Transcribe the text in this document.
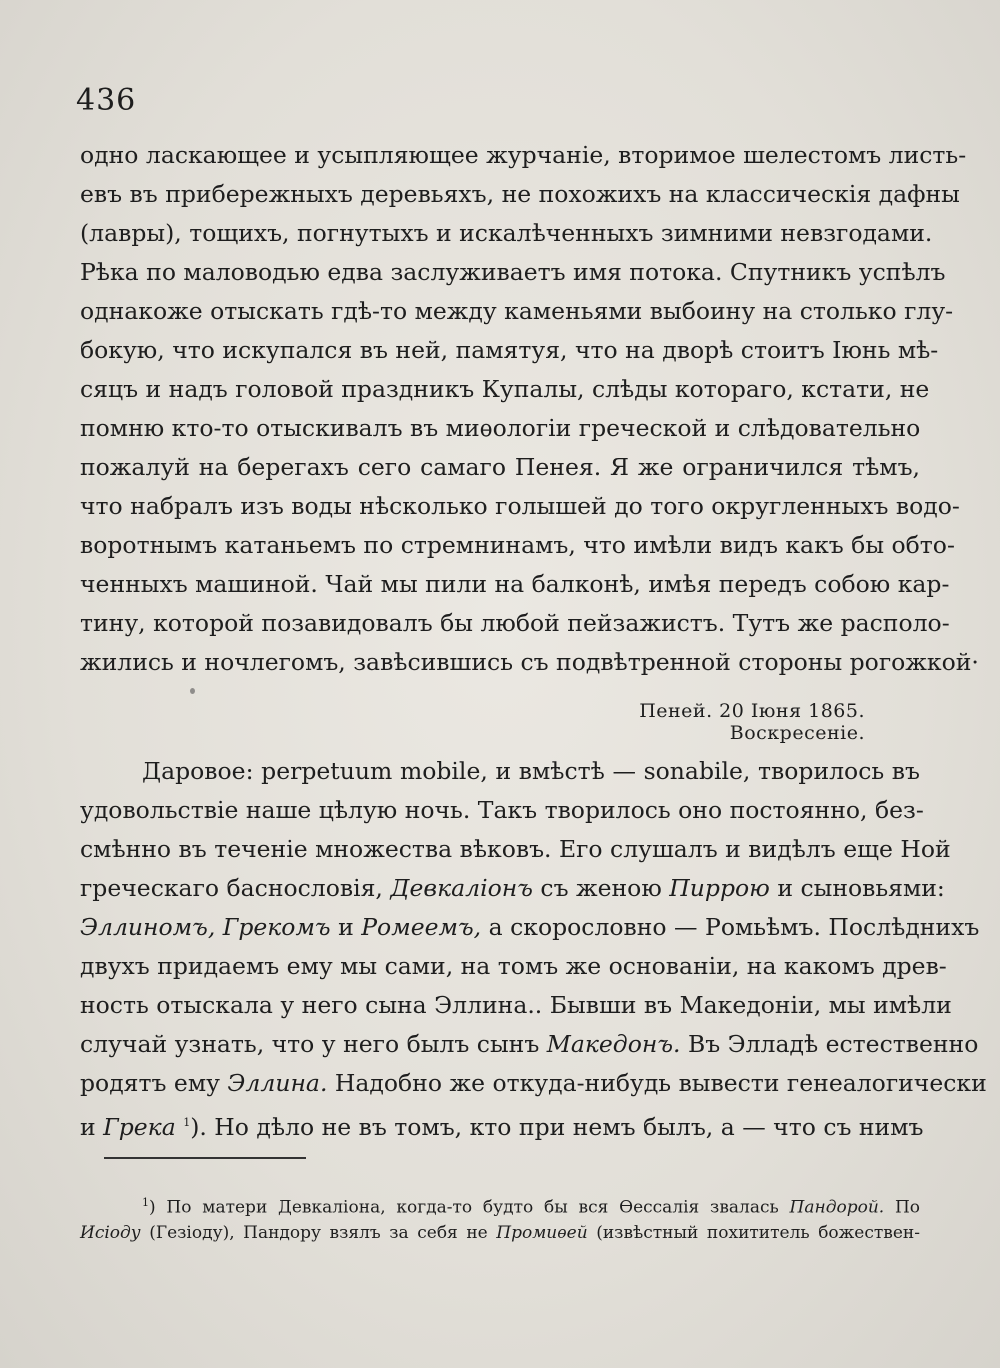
436
одно ласкающее и усыпляющее журчаніе, вторимое шелестомъ листь-
евъ въ прибережныхъ деревьяхъ, не похожихъ на классическія дафны
(лавры), тощихъ, погнутыхъ и искалѣченныхъ зимними невзгодами.
Рѣка по маловодью едва заслуживаетъ имя потока. Спутникъ успѣлъ
однакоже отыскать гдѣ-то между каменьями выбоину на столько глу-
бокую, что искупался въ ней, памятуя, что на дворѣ стоитъ Іюнь мѣ-
сяцъ и надъ головой праздникъ Купалы, слѣды котораго, кстати, не
помню кто-то отыскивалъ въ миѳологіи греческой и слѣдовательно
пожалуй на берегахъ сего самаго Пенея. Я же ограничился тѣмъ,
что набралъ изъ воды нѣсколько голышей до того округленныхъ водо-
воротнымъ катаньемъ по стремнинамъ, что имѣли видъ какъ бы обто-
ченныхъ машиной. Чай мы пили на балконѣ, имѣя передъ собою кар-
тину, которой позавидовалъ бы любой пейзажистъ. Тутъ же располо-
жились и ночлегомъ, завѣсившись съ подвѣтренной стороны рогожкой·
Пеней. 20 Іюня 1865. Воскресеніе.
Даровое: perpetuum mobile, и вмѣстѣ — sonabile, творилось въ
удовольствіе наше цѣлую ночь. Такъ творилось оно постоянно, без-
смѣнно въ теченіе множества вѣковъ. Его слушалъ и видѣлъ еще Ной
греческаго баснословія, Девкаліонъ съ женою Пиррою и сыновьями:
Эллиномъ, Грекомъ и Ромеемъ, а скорословно — Ромьѣмъ. Послѣднихъ
двухъ придаемъ ему мы сами, на томъ же основаніи, на какомъ древ-
ность отыскала у него сына Эллина.. Бывши въ Македоніи, мы имѣли
случай узнать, что у него былъ сынъ Македонъ. Въ Элладѣ естественно
родятъ ему Эллина. Надобно же откуда-нибудь вывести генеалогически
и Грека $^1$). Но дѣло не въ томъ, кто при немъ былъ, а — что съ нимъ
$^1$) По матери Девкаліона, когда-то будто бы вся Ѳессалія звалась Пандорой. По
Исіоду (Гезіоду), Пандору взялъ за себя не Промиѳей (извѣстный похититель божествен-
